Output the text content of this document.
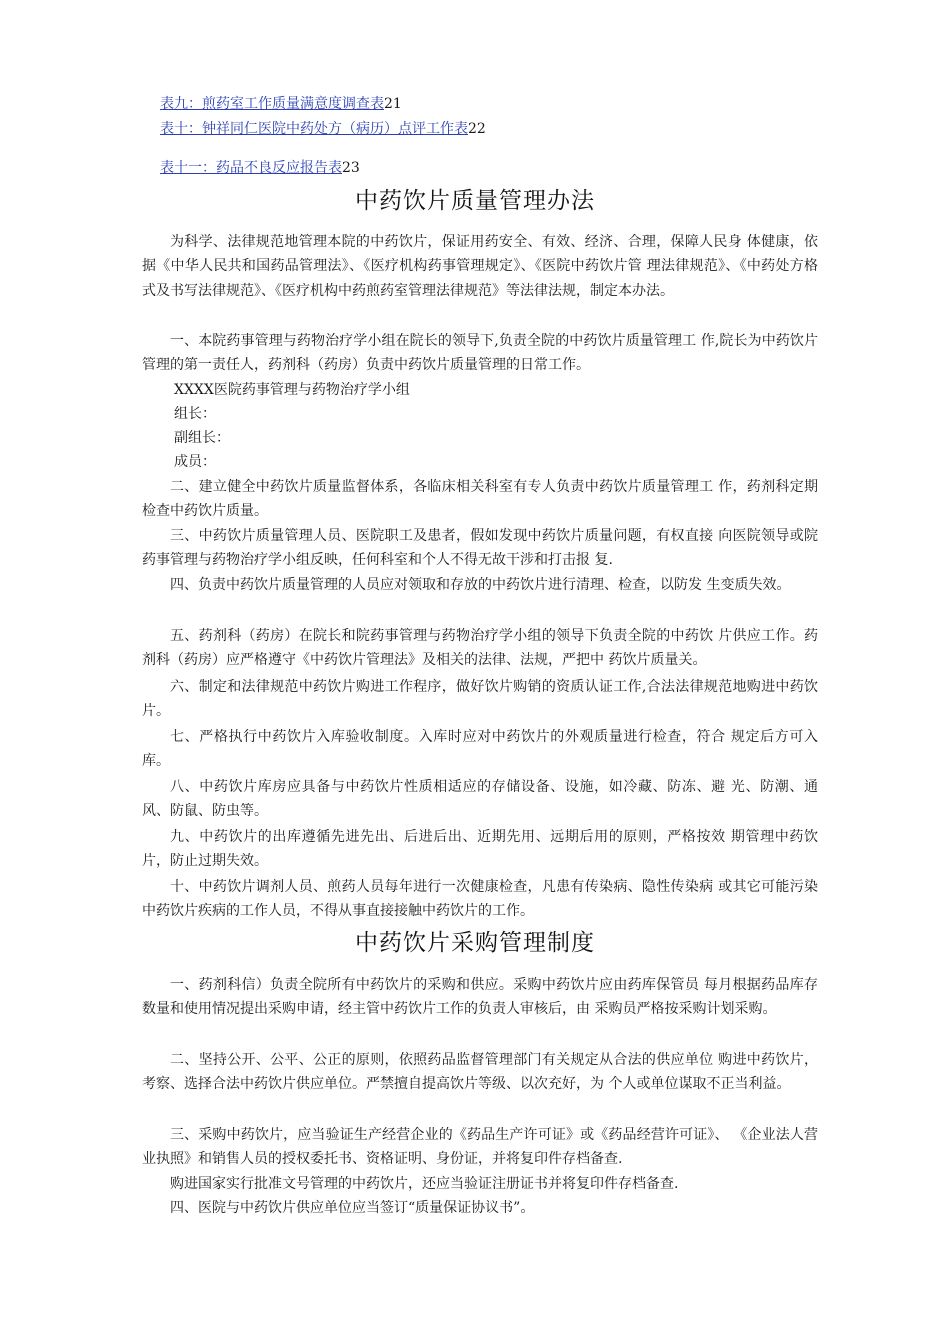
表九：煎药室工作质量满意度调查表21
表十：钟祥同仁医院中药处方（病历）点评工作表22
表十一：药品不良反应报告表23
中药饮片质量管理办法

为科学、法律规范地管理本院的中药饮片，保证用药安全、有效、经济、合理，保障人民身 体健康，依据《中华人民共和国药品管理法》、《医疗机构药事管理规定》、《医院中药饮片管 理法律规范》、《中药处方格式及书写法律规范》、《医疗机构中药煎药室管理法律规范》等法律法规，制定本办法。

一、本院药事管理与药物治疗学小组在院长的领导下,负责全院的中药饮片质量管理工 作,院长为中药饮片管理的第一责任人，药剂科（药房）负责中药饮片质量管理的日常工作。

XXXX医院药事管理与药物治疗学小组

组长：

副组长：

成员：

二、建立健全中药饮片质量监督体系，各临床相关科室有专人负责中药饮片质量管理工 作，药剂科定期检查中药饮片质量。

三、中药饮片质量管理人员、医院职工及患者，假如发现中药饮片质量问题，有权直接 向医院领导或院药事管理与药物治疗学小组反映，任何科室和个人不得无故干涉和打击报 复.

四、负责中药饮片质量管理的人员应对领取和存放的中药饮片进行清理、检查，以防发 生变质失效。

五、药剂科（药房）在院长和院药事管理与药物治疗学小组的领导下负责全院的中药饮 片供应工作。药剂科（药房）应严格遵守《中药饮片管理法》及相关的法律、法规，严把中 药饮片质量关。

六、制定和法律规范中药饮片购进工作程序，做好饮片购销的资质认证工作,合法法律规范地购进中药饮片。

七、严格执行中药饮片入库验收制度。入库时应对中药饮片的外观质量进行检查，符合 规定后方可入库。

八、中药饮片库房应具备与中药饮片性质相适应的存储设备、设施，如冷藏、防冻、避 光、防潮、通风、防鼠、防虫等。

九、中药饮片的出库遵循先进先出、后进后出、近期先用、远期后用的原则，严格按效 期管理中药饮片，防止过期失效。

十、中药饮片调剂人员、煎药人员每年进行一次健康检查，凡患有传染病、隐性传染病 或其它可能污染中药饮片疾病的工作人员，不得从事直接接触中药饮片的工作。

中药饮片采购管理制度

一、药剂科信）负责全院所有中药饮片的采购和供应。采购中药饮片应由药库保管员 每月根据药品库存数量和使用情况提出采购申请，经主管中药饮片工作的负责人审核后，由 采购员严格按采购计划采购。

二、坚持公开、公平、公正的原则，依照药品监督管理部门有关规定从合法的供应单位 购进中药饮片，考察、选择合法中药饮片供应单位。严禁擅自提高饮片等级、以次充好，为 个人或单位谋取不正当利益。

三、采购中药饮片，应当验证生产经营企业的《药品生产许可证》或《药品经营许可证》、 《企业法人营业执照》和销售人员的授权委托书、资格证明、身份证，并将复印件存档备查.

购进国家实行批准文号管理的中药饮片，还应当验证注册证书并将复印件存档备查.

四、医院与中药饮片供应单位应当签订“质量保证协议书”。
